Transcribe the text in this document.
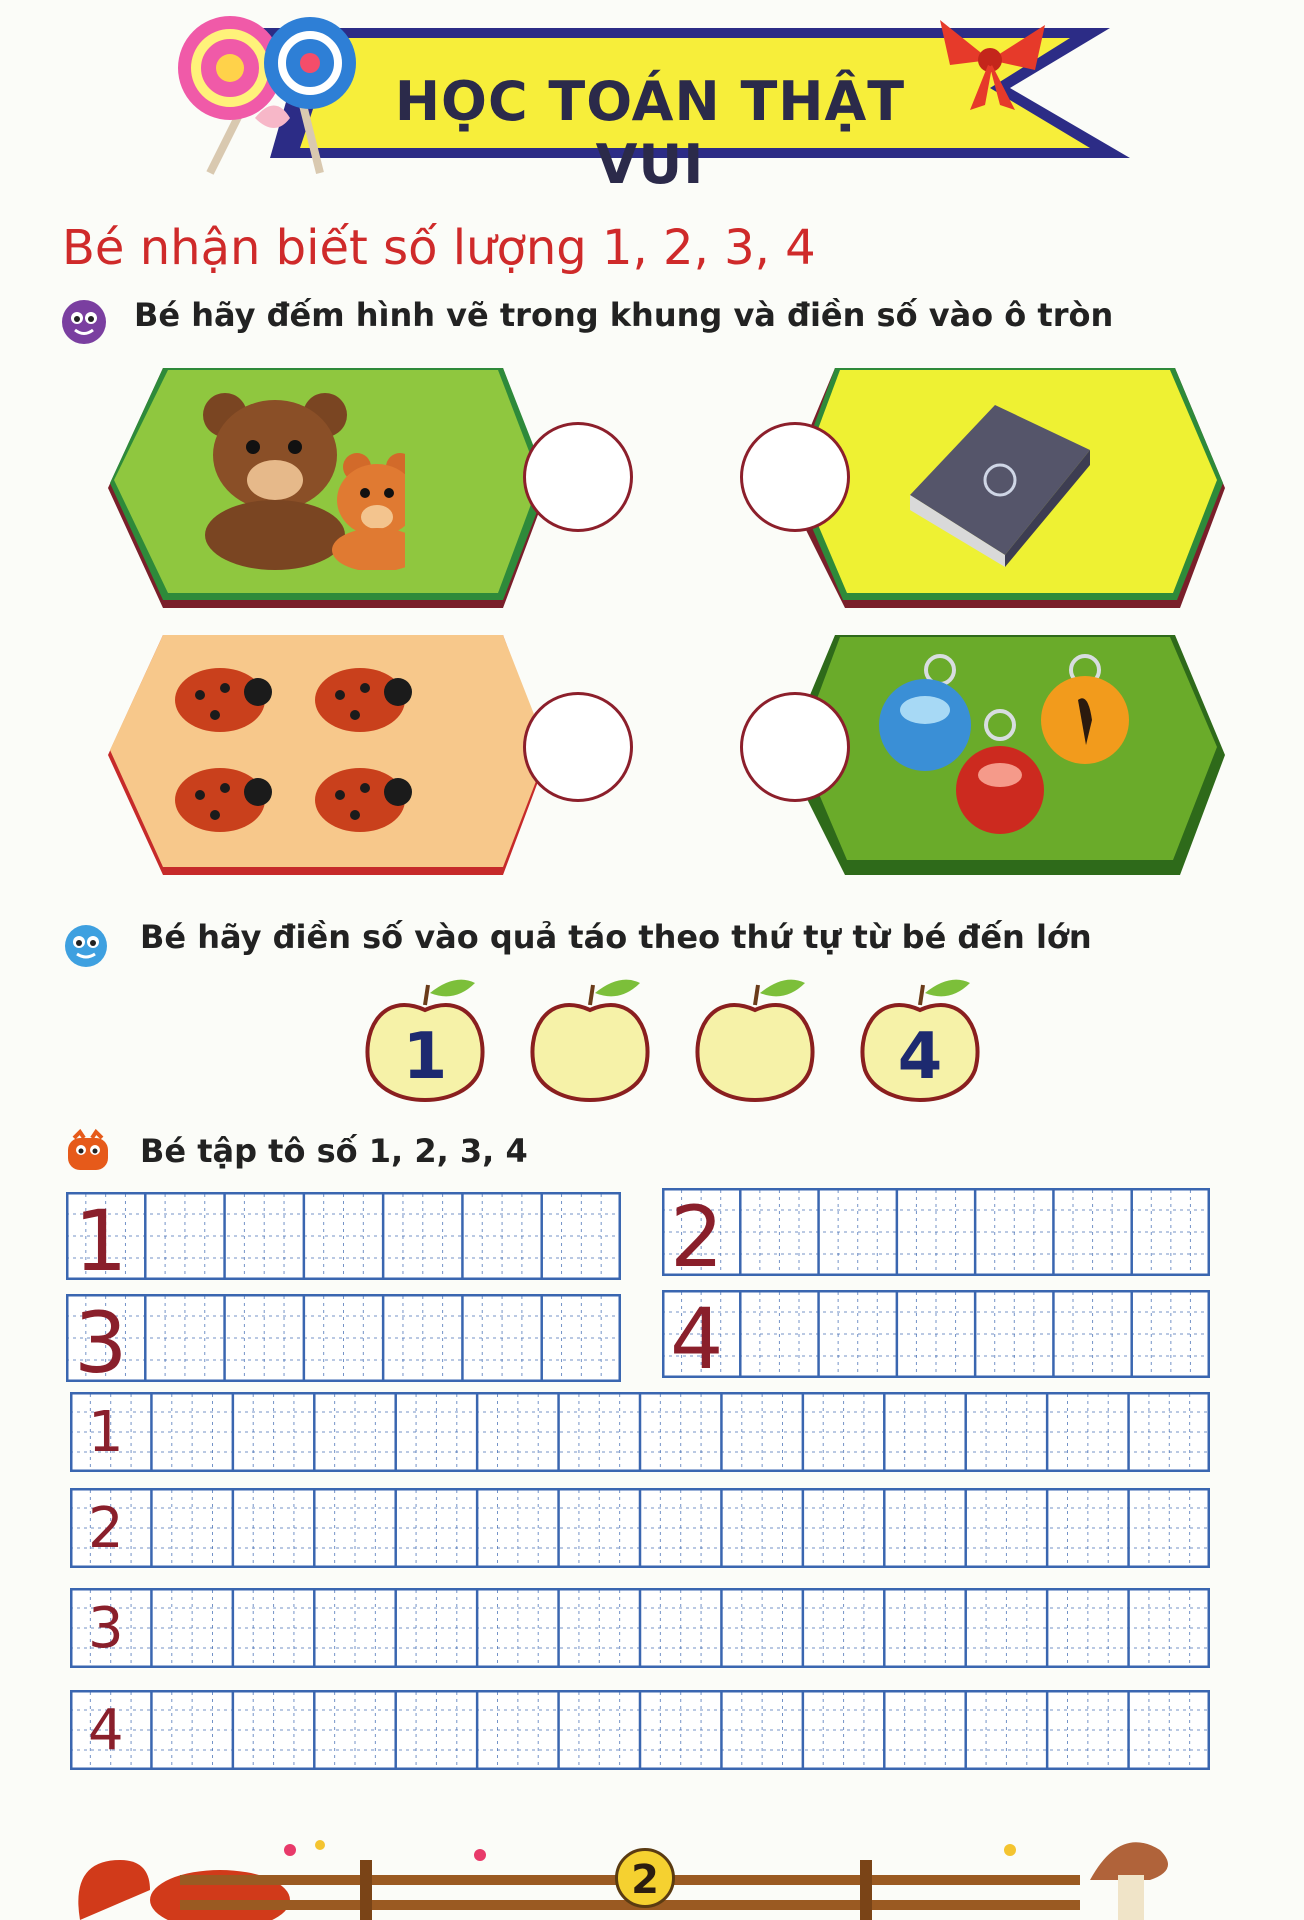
HỌC TOÁN THẬT VUI
Bé nhận biết số lượng 1, 2, 3, 4
Bé hãy đếm hình vẽ trong khung và điền số vào ô tròn
Bé hãy điền số vào quả táo theo thứ tự từ bé đến lớn
1	4
Bé tập tô số 1, 2, 3, 4
1	2
3	4
1
2
3
4
2
